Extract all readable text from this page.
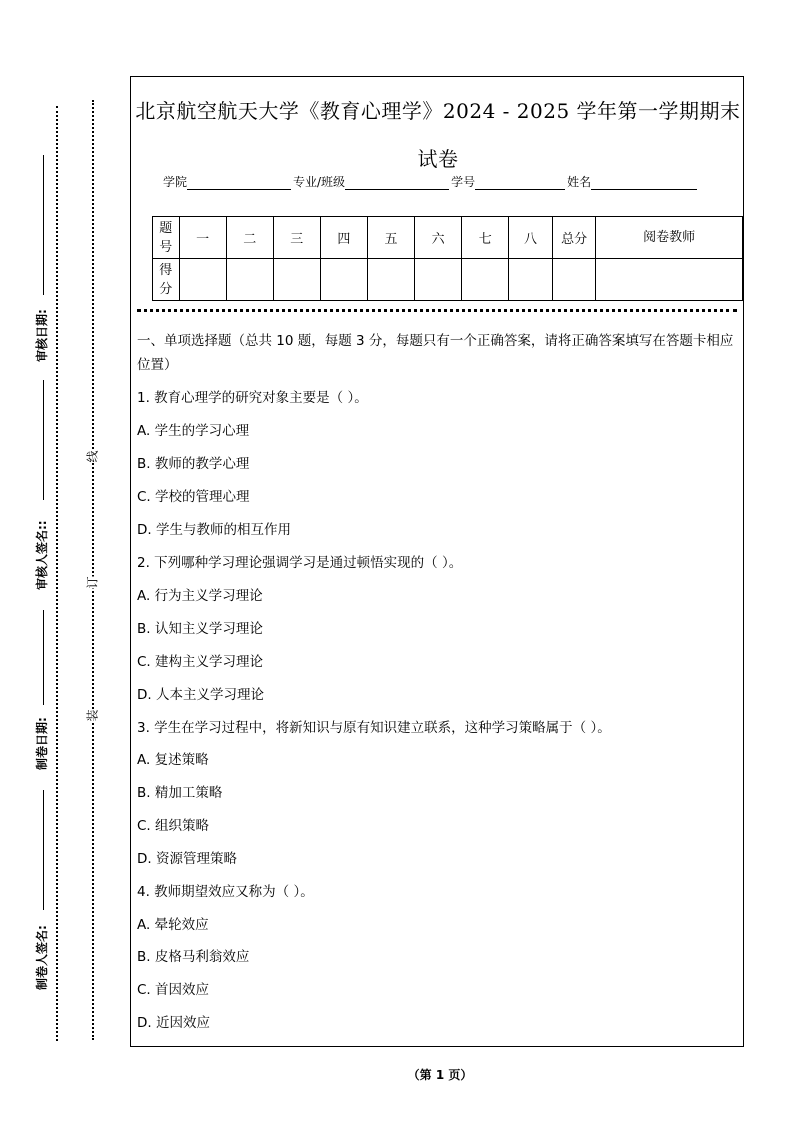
审核日期:
审核人签名::
制卷日期:
制卷人签名:
线
订
装
北京航空航天大学《教育心理学》2024 - 2025 学年第一学期期末
试卷
学院	专业/班级	学号	姓名
题号	一	二	三	四	五	六	七	八	总分	阅卷教师
得分										
一、单项选择题（总共 10 题，每题 3 分，每题只有一个正确答案，请将正确答案填写在答题卡相应位置）
1. 教育心理学的研究对象主要是（ ）。
A. 学生的学习心理
B. 教师的教学心理
C. 学校的管理心理
D. 学生与教师的相互作用
2. 下列哪种学习理论强调学习是通过顿悟实现的（ ）。
A. 行为主义学习理论
B. 认知主义学习理论
C. 建构主义学习理论
D. 人本主义学习理论
3. 学生在学习过程中，将新知识与原有知识建立联系，这种学习策略属于（ ）。
A. 复述策略
B. 精加工策略
C. 组织策略
D. 资源管理策略
4. 教师期望效应又称为（ ）。
A. 晕轮效应
B. 皮格马利翁效应
C. 首因效应
D. 近因效应
（第 1 页）
